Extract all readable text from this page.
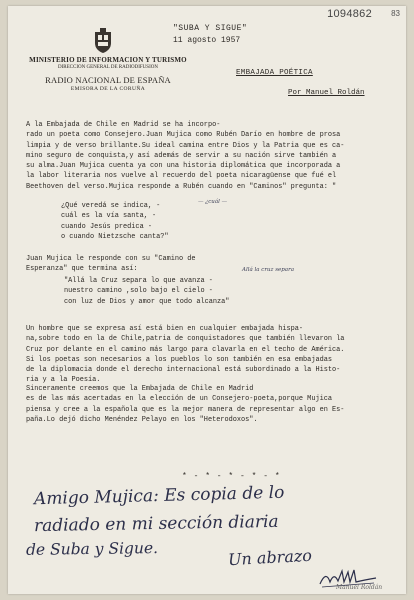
1094862 83
MINISTERIO DE INFORMACION Y TURISMO
DIRECCION GENERAL DE RADIODIFUSION
RADIO NACIONAL DE ESPAÑA
EMISORA DE LA CORUÑA
"SUBA Y SIGUE"
11 agosto 1957
EMBAJADA POÉTICA
Por Manuel Roldán
A la Embajada de Chile en Madrid se ha incorpo-
rado un poeta como Consejero.Juan Mujica como Rubén Darío en hombre de prosa
limpia y de verso brillante.Su ideal camina entre Dios y la Patria que es ca-
mino seguro de conquista,y así además de servir a su nación sirve también a
su alma.Juan Mujica cuenta ya con una historia diplomática que incorporada a
la labor literaria nos vuelve al recuerdo del poeta nicaragüense que fué el
Beethoven del verso.Mujica responde a Rubén cuando en "Caminos" pregunta: "
¿Qué veredá se indica, -
cuál es la vía santa, -
cuando Jesús predica -
o cuando Nietzsche canta?"
— ¿cuál —
Juan Mujica le responde con su "Camino de
Esperanza" que termina así:	Allá la cruz separa
"Allá la Cruz separa lo que avanza -
nuestro camino ,solo bajo el cielo -
con luz de Dios y amor que todo alcanza"
Un hombre que se expresa así está bien en cualquier embajada hispa-
na,sobre todo en la de Chile,patria de conquistadores que también llevaron la
Cruz por delante en el camino más largo para clavarla en el techo de América.
Si los poetas son necesarios a los pueblos lo son también en esa embajadas
de la diplomacia donde el derecho internacional está subordinado a la Histo-
ria y a la Poesía.
Sinceramente creemos que la Embajada de Chile en Madrid
es de las más acertadas en la elección de un Consejero-poeta,porque Mujica
piensa y cree a la española que es la mejor manera de representar algo en Es-
paña.Lo dejó dicho Menéndez Pelayo en los "Heterodoxos".
* - * - * - * - *
Amigo Mujica: Es copia de lo
radiado en mi sección diaria
de Suba y Sigue.	Un abrazo
Manuel Roldán
